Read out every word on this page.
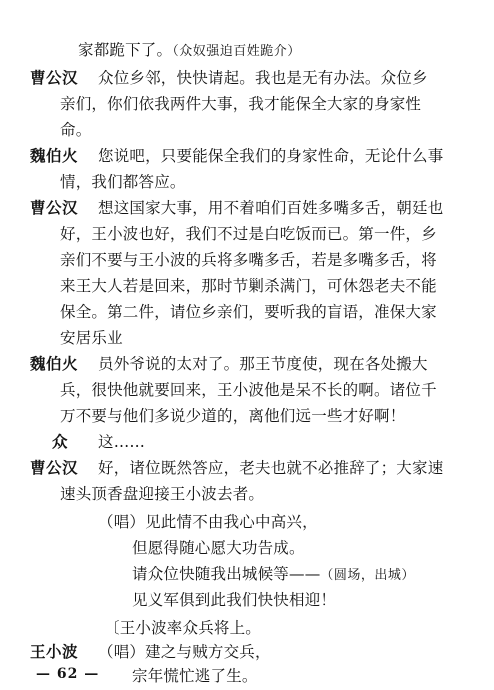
家都跪下了。（众奴强迫百姓跪介）
曹公汉 众位乡邻，快快请起。我也是无有办法。众位乡
亲们，你们依我两件大事，我才能保全大家的身家性
命。
魏伯火 您说吧，只要能保全我们的身家性命，无论什么事
情，我们都答应。
曹公汉 想这国家大事，用不着咱们百姓多嘴多舌，朝廷也
好，王小波也好，我们不过是白吃饭而已。第一件，乡
亲们不要与王小波的兵将多嘴多舌，若是多嘴多舌，将
来王大人若是回来，那时节剿杀满门，可休怨老夫不能
保全。第二件，请位乡亲们，要听我的盲语，准保大家
安居乐业
魏伯火 员外爷说的太对了。那王节度使，现在各处搬大
兵，很快他就要回来，王小波他是呆不长的啊。诸位千
万不要与他们多说少道的，离他们远一些才好啊！
众 这……
曹公汉 好，诸位既然答应，老夫也就不必推辞了；大家速
速头顶香盘迎接王小波去者。
（唱）见此情不由我心中高兴，
但愿得随心愿大功告成。
请众位快随我出城候等——（圆场，出城）
见义军俱到此我们快快相迎！
〔王小波率众兵将上。
王小波 （唱）建之与贼方交兵，
宗年慌忙逃了生。
— 62 —
